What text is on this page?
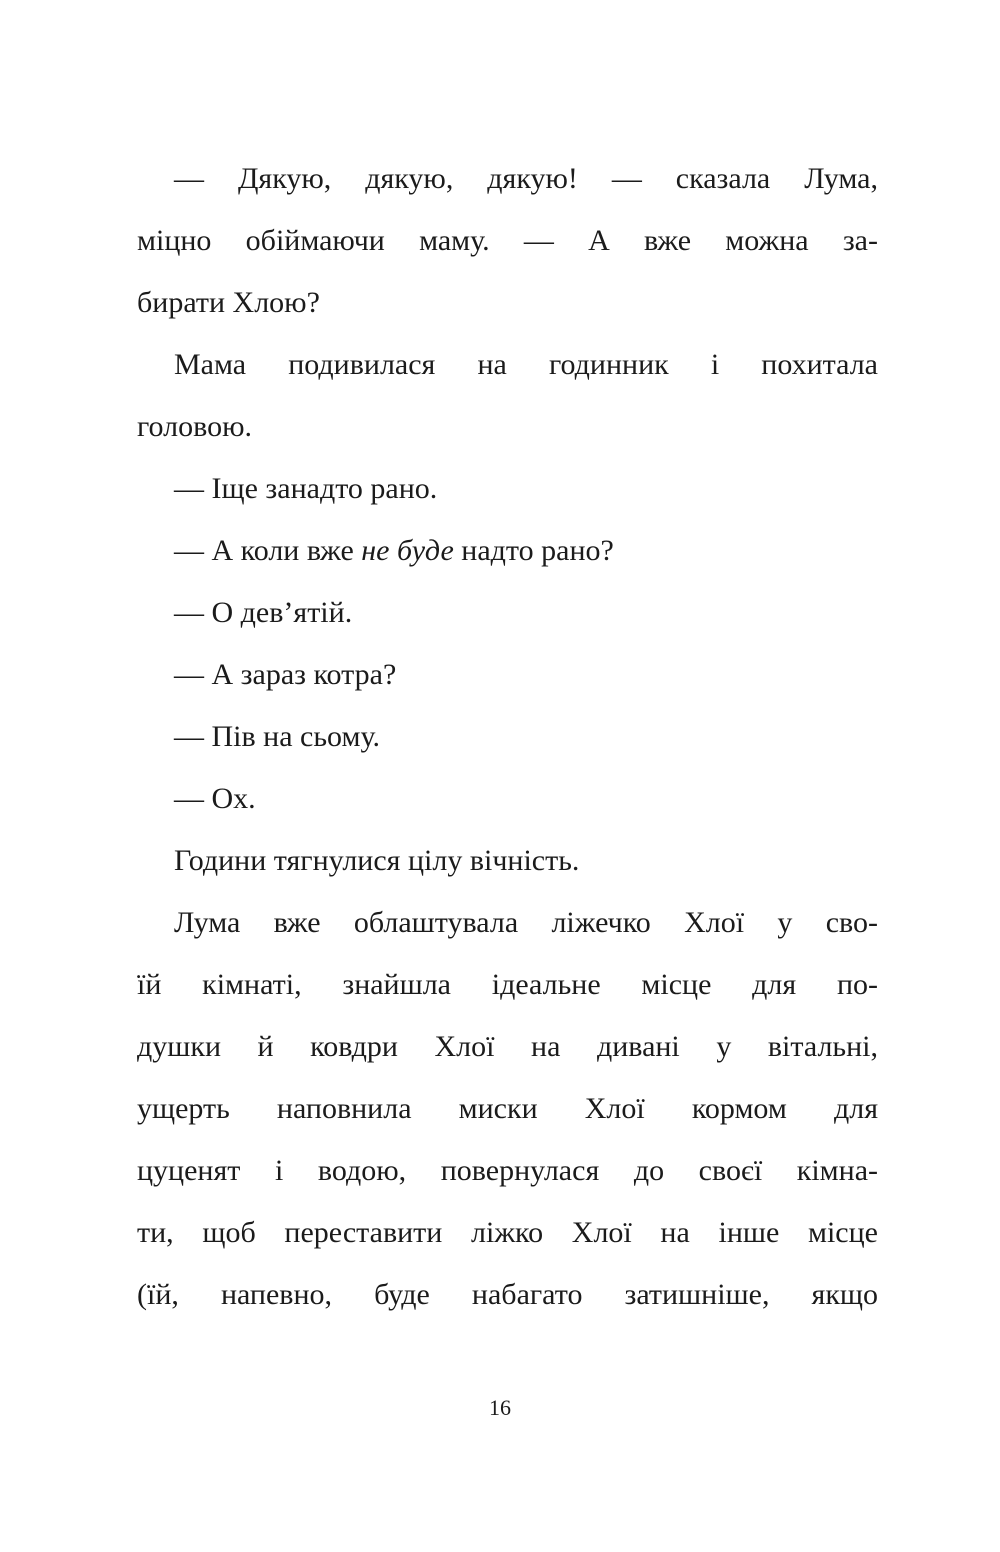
— Дякую, дякую, дякую! — сказала Лума,
міцно обіймаючи маму. — А вже можна за-
бирати Хлою?
Мама подивилася на годинник і похитала
головою.
— Іще занадто рано.
— А коли вже не буде надто рано?
— О дев’ятій.
— А зараз котра?
— Пів на сьому.
— Ох.
Години тягнулися цілу вічність.
Лума вже облаштувала ліжечко Хлої у сво-
їй кімнаті, знайшла ідеальне місце для по-
душки й ковдри Хлої на дивані у вітальні,
ущерть наповнила миски Хлої кормом для
цуценят і водою, повернулася до своєї кімна-
ти, щоб переставити ліжко Хлої на інше місце
(їй, напевно, буде набагато затишніше, якщо
16
